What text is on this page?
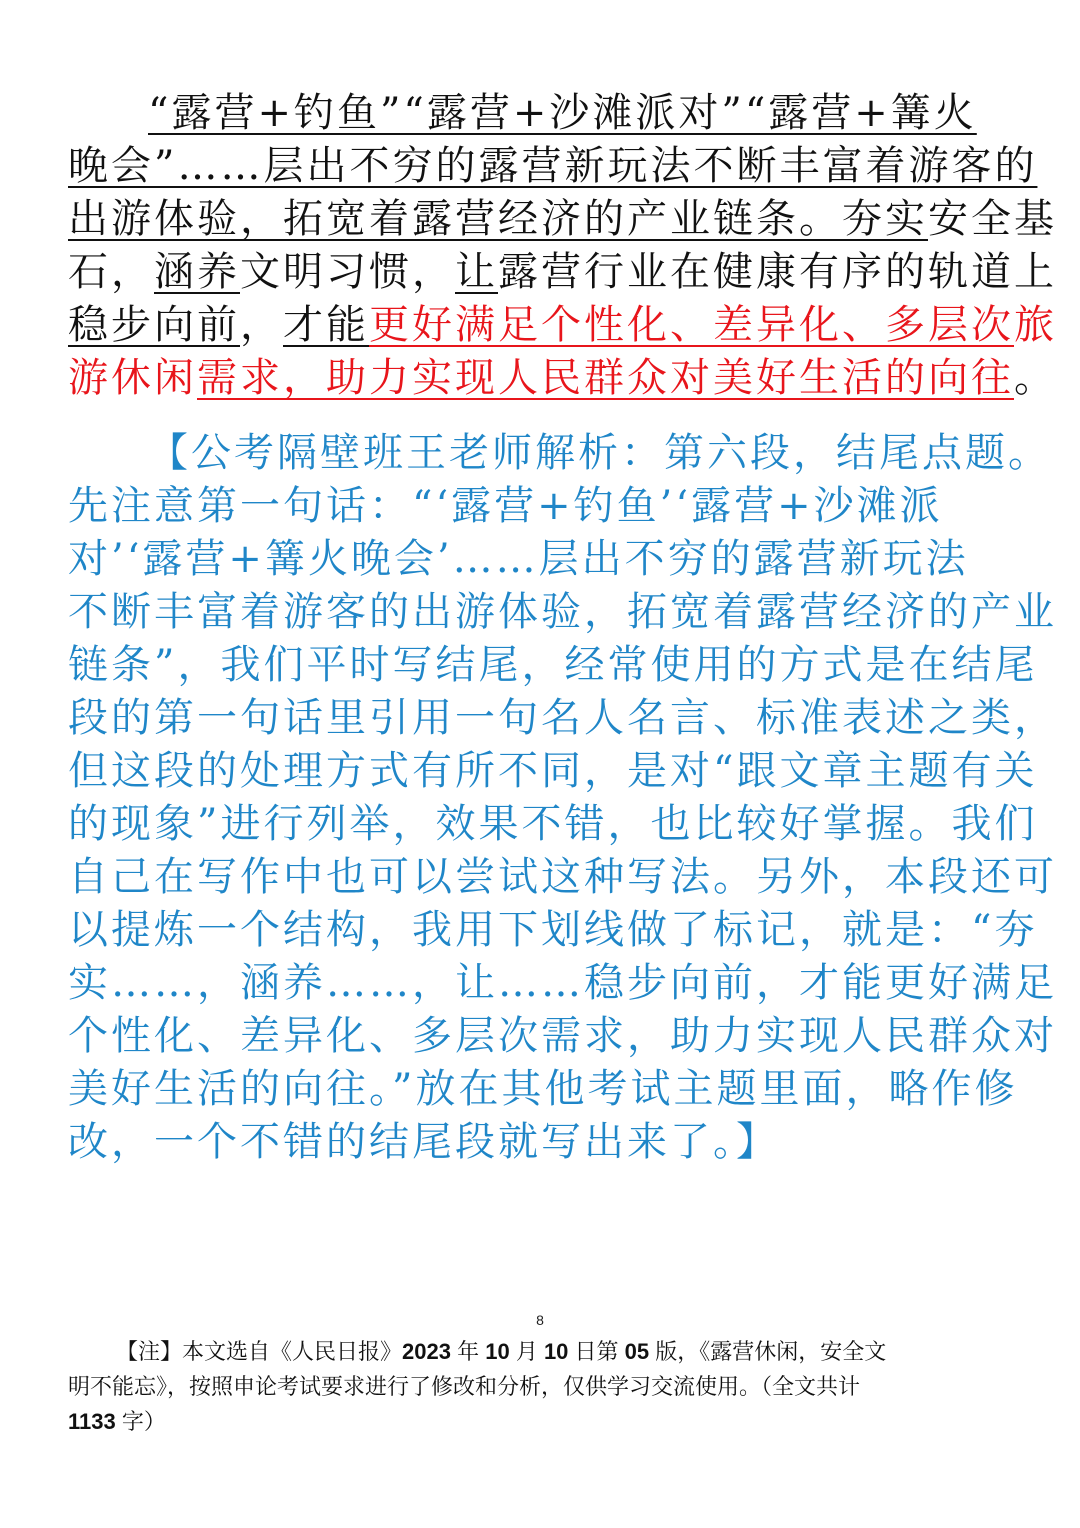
“露营+钓鱼”“露营+沙滩派对”“露营+篝火
晚会”……层出不穷的露营新玩法不断丰富着游客的
出游体验，拓宽着露营经济的产业链条。夯实安全基
石，涵养文明习惯，让露营行业在健康有序的轨道上
稳步向前，才能更好满足个性化、差异化、多层次旅
游休闲需求，助力实现人民群众对美好生活的向往。
【公考隔壁班王老师解析：第六段，结尾点题。
先注意第一句话：“‘露营+钓鱼’‘露营+沙滩派
对’‘露营+篝火晚会’……层出不穷的露营新玩法
不断丰富着游客的出游体验，拓宽着露营经济的产业
链条”，我们平时写结尾，经常使用的方式是在结尾
段的第一句话里引用一句名人名言、标准表述之类，
但这段的处理方式有所不同，是对“跟文章主题有关
的现象”进行列举，效果不错，也比较好掌握。我们
自己在写作中也可以尝试这种写法。另外，本段还可
以提炼一个结构，我用下划线做了标记，就是：“夯
实……，涵养……，让……稳步向前，才能更好满足
个性化、差异化、多层次需求，助力实现人民群众对
美好生活的向往。”放在其他考试主题里面，略作修
改，一个不错的结尾段就写出来了。】
8
【注】本文选自《人民日报》2023 年 10 月 10 日第 05 版，《露营休闲，安全文
明不能忘》，按照申论考试要求进行了修改和分析，仅供学习交流使用。（全文共计
1133 字）
